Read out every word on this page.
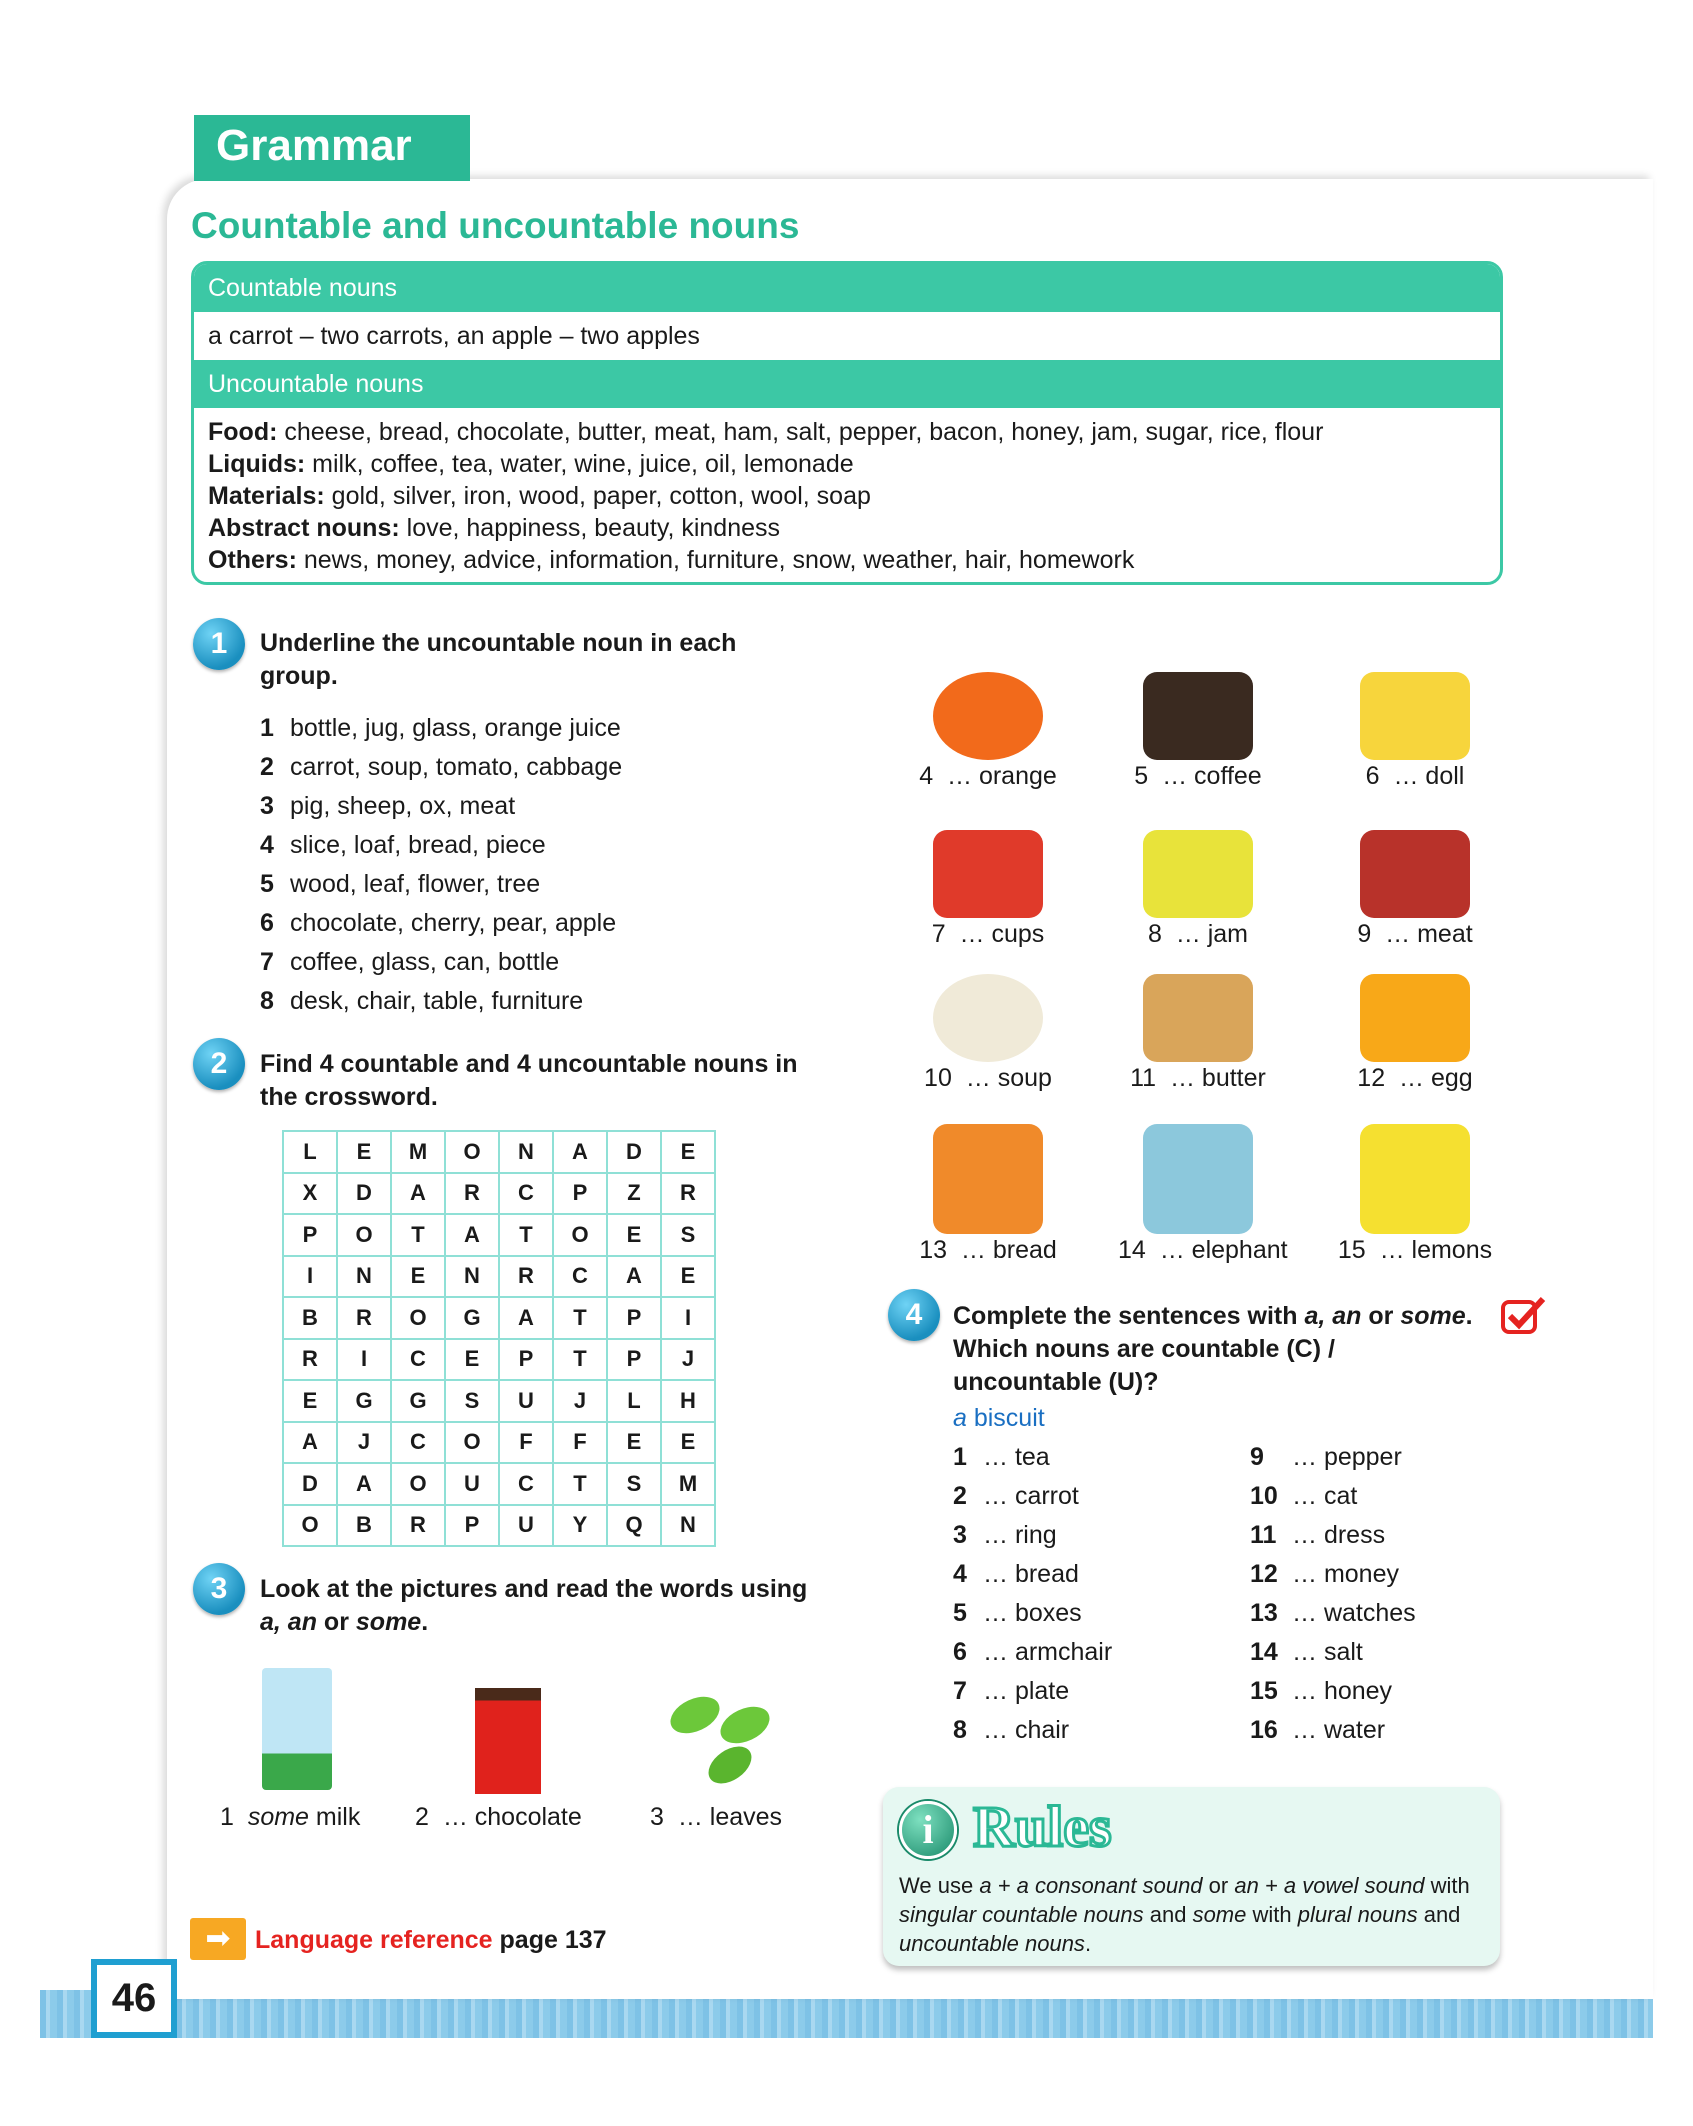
Grammar
Countable and uncountable nouns
Countable nouns
a carrot – two carrots, an apple – two apples
Uncountable nouns
Food: cheese, bread, chocolate, butter, meat, ham, salt, pepper, bacon, honey, jam, sugar, rice, flour
Liquids: milk, coffee, tea, water, wine, juice, oil, lemonade
Materials: gold, silver, iron, wood, paper, cotton, wool, soap
Abstract nouns: love, happiness, beauty, kindness
Others: news, money, advice, information, furniture, snow, weather, hair, homework
1	Underline the uncountable noun in each group.
1 bottle, jug, glass, orange juice
2 carrot, soup, tomato, cabbage
3 pig, sheep, ox, meat
4 slice, loaf, bread, piece
5 wood, leaf, flower, tree
6 chocolate, cherry, pear, apple
7 coffee, glass, can, bottle
8 desk, chair, table, furniture
2	Find 4 countable and 4 uncountable nouns in the crossword.
L	E	M	O	N	A	D	E
X	D	A	R	C	P	Z	R
P	O	T	A	T	O	E	S
I	N	E	N	R	C	A	E
B	R	O	G	A	T	P	I
R	I	C	E	P	T	P	J
E	G	G	S	U	J	L	H
A	J	C	O	F	F	E	E
D	A	O	U	C	T	S	M
O	B	R	P	U	Y	Q	N
3	Look at the pictures and read the words using a, an or some.
1 some milk 2 … chocolate	3 … leaves
4 … orange	5 … coffee	6 … doll
7 … cups	8 … jam	9 … meat
10 … soup	11 … butter	12 … egg
13 … bread	14 … elephant 15 … lemons
4	Complete the sentences with a, an or some. Which nouns are countable (C) / uncountable (U)?
a biscuit
1 … tea
2 … carrot
3 … ring
4 … bread
5 … boxes
6 … armchair
7 … plate
8 … chair
9 … pepper
10 … cat
11 … dress
12 … money
13 … watches
14 … salt
15 … honey
16 … water
i Rules
We use a + a consonant sound or an + a vowel sound with singular countable nouns and some with plural nouns and uncountable nouns.
➡ Language reference page 137
46
